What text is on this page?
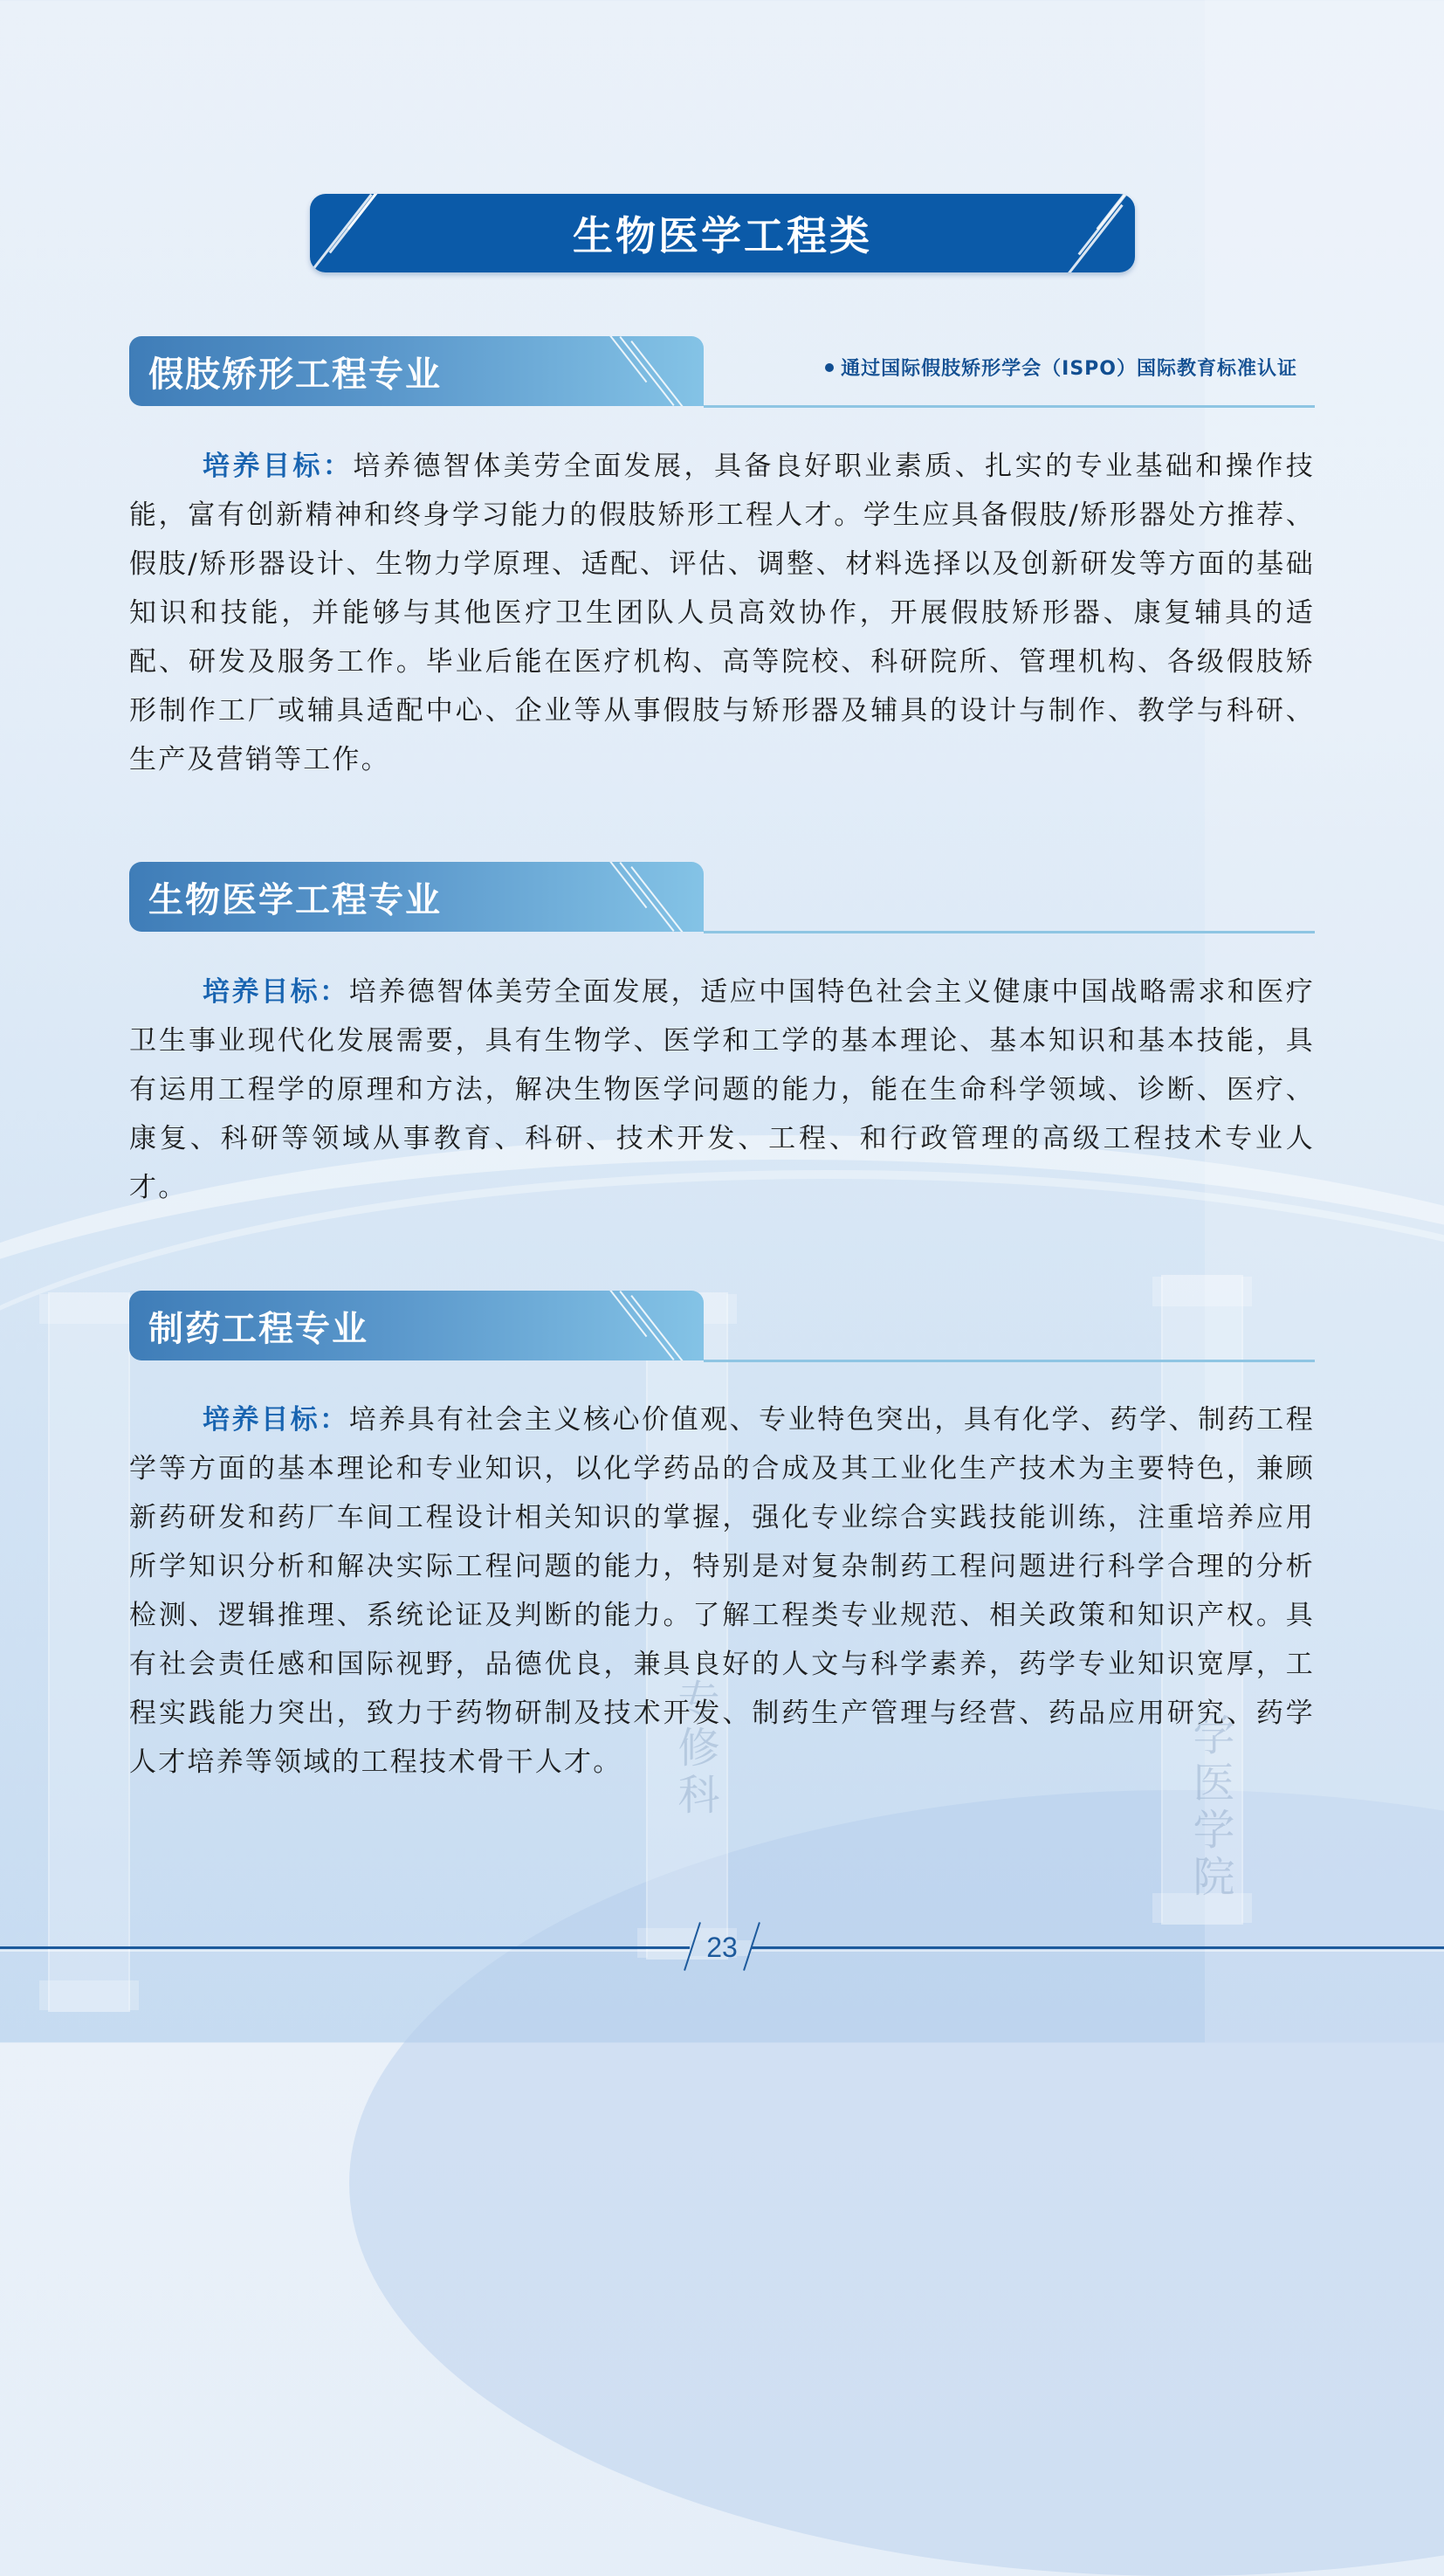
专修科	学医学院
生物医学工程类
假肢矫形工程专业	通过国际假肢矫形学会（ISPO）国际教育标准认证
培养目标：培养德智体美劳全面发展，具备良好职业素质、扎实的专业基础和操作技能，富有创新精神和终身学习能力的假肢矫形工程人才。学生应具备假肢/矫形器处方推荐、假肢/矫形器设计、生物力学原理、适配、评估、调整、材料选择以及创新研发等方面的基础知识和技能，并能够与其他医疗卫生团队人员高效协作，开展假肢矫形器、康复辅具的适配、研发及服务工作。毕业后能在医疗机构、高等院校、科研院所、管理机构、各级假肢矫形制作工厂或辅具适配中心、企业等从事假肢与矫形器及辅具的设计与制作、教学与科研、生产及营销等工作。
生物医学工程专业
培养目标：培养德智体美劳全面发展，适应中国特色社会主义健康中国战略需求和医疗卫生事业现代化发展需要，具有生物学、医学和工学的基本理论、基本知识和基本技能，具有运用工程学的原理和方法，解决生物医学问题的能力，能在生命科学领域、诊断、医疗、康复、科研等领域从事教育、科研、技术开发、工程、和行政管理的高级工程技术专业人才。
制药工程专业
培养目标：培养具有社会主义核心价值观、专业特色突出，具有化学、药学、制药工程学等方面的基本理论和专业知识，以化学药品的合成及其工业化生产技术为主要特色，兼顾新药研发和药厂车间工程设计相关知识的掌握，强化专业综合实践技能训练，注重培养应用所学知识分析和解决实际工程问题的能力，特别是对复杂制药工程问题进行科学合理的分析检测、逻辑推理、系统论证及判断的能力。了解工程类专业规范、相关政策和知识产权。具有社会责任感和国际视野，品德优良，兼具良好的人文与科学素养，药学专业知识宽厚，工程实践能力突出，致力于药物研制及技术开发、制药生产管理与经营、药品应用研究、药学人才培养等领域的工程技术骨干人才。
23
